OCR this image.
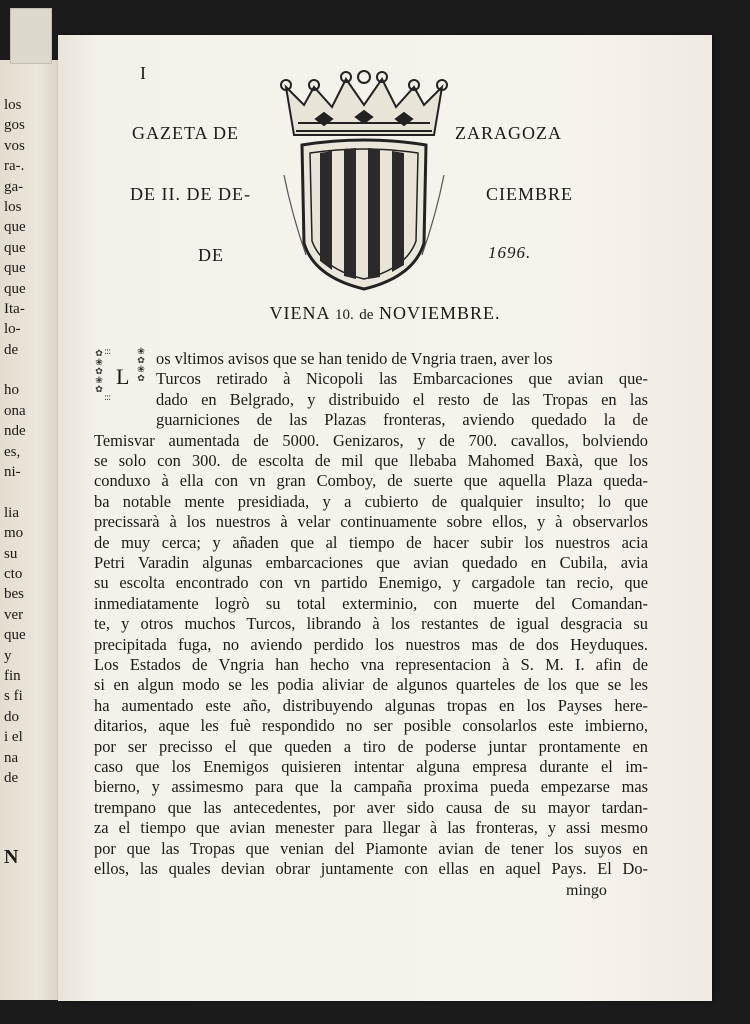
los
gos
vos
ra-.
ga-
los
que
que
que
que
Ita-
lo-
de
ho
ona
nde
es,
ni-
lia
mo
su
cto
bes
ver
que
y
fin
s fi
do
i el
na
de
N
I
GAZETA DE	ZARAGOZA
DE II. DE DE-	CIEMBRE
DE	1696.
VIENA 10. de NOVIEMBRE.
✿❀✿❀✿ :::
:::
❀✿❀✿
L
os vltimos avisos que se han tenido de Vngria traen, aver los
Turcos retirado à Nicopoli las Embarcaciones que avian que-
dado en Belgrado, y distribuido el resto de las Tropas en las
guarniciones de las Plazas fronteras, aviendo quedado la de
Temisvar aumentada de 5000. Genizaros, y de 700. cavallos, bolviendo
se solo con 300. de escolta de mil que llebaba Mahomed Baxà, que los
conduxo à ella con vn gran Comboy, de suerte que aquella Plaza queda-
ba notable mente presidiada, y a cubierto de qualquier insulto; lo que
precissarà à los nuestros à velar continuamente sobre ellos, y à observarlos
de muy cerca; y añaden que al tiempo de hacer subir los nuestros acia
Petri Varadin algunas embarcaciones que avian quedado en Cubila, avia
su escolta encontrado con vn partido Enemigo, y cargadole tan recio, que
inmediatamente logrò su total exterminio, con muerte del Comandan-
te, y otros muchos Turcos, librando à los restantes de igual desgracia su
precipitada fuga, no aviendo perdido los nuestros mas de dos Heyduques.
Los Estados de Vngria han hecho vna representacion à S. M. I. afin de
si en algun modo se les podia aliviar de algunos quarteles de los que se les
ha aumentado este año, distribuyendo algunas tropas en los Payses here-
ditarios, aque les fuè respondido no ser posible consolarlos este imbierno,
por ser precisso el que queden a tiro de poderse juntar prontamente en
caso que los Enemigos quisieren intentar alguna empresa durante el im-
bierno, y assimesmo para que la campaña proxima pueda empezarse mas
trempano que las antecedentes, por aver sido causa de su mayor tardan-
za el tiempo que avian menester para llegar à las fronteras, y assi mesmo
por que las Tropas que venian del Piamonte avian de tener los suyos en
ellos, las quales devian obrar juntamente con ellas en aquel Pays. El Do-
mingo
